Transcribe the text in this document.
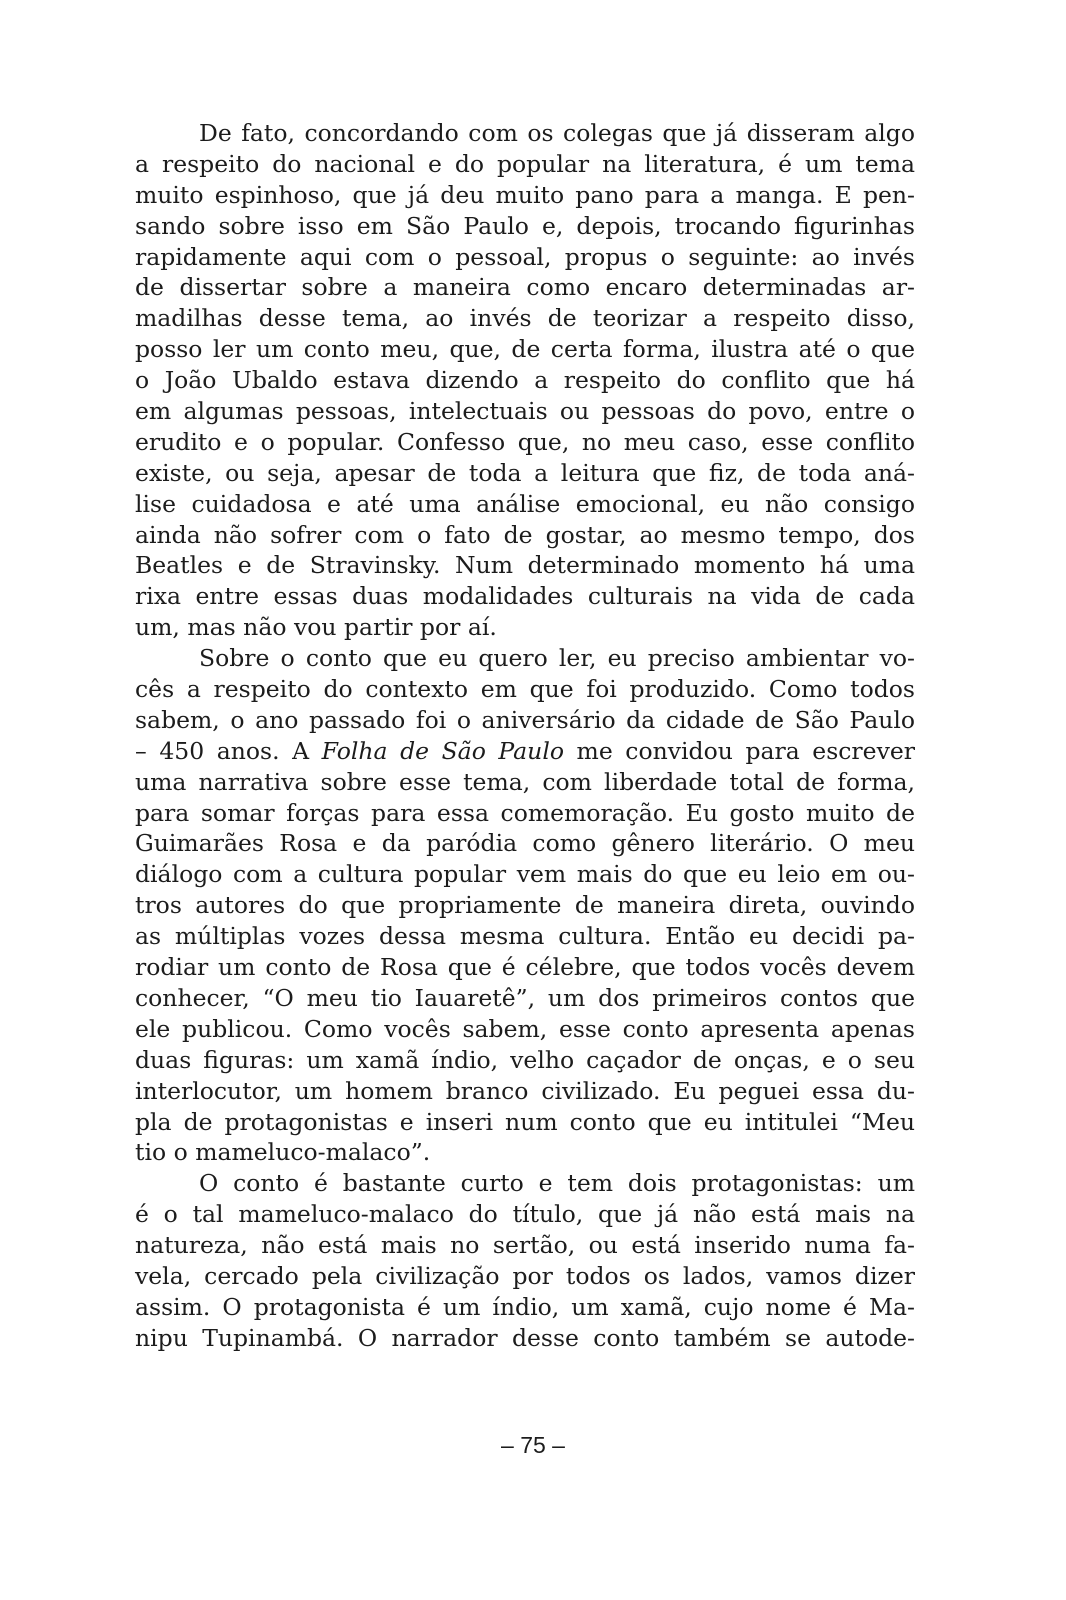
De fato, concordando com os colegas que já disseram algo
a respeito do nacional e do popular na literatura, é um tema
muito espinhoso, que já deu muito pano para a manga. E pen-
sando sobre isso em São Paulo e, depois, trocando figurinhas
rapidamente aqui com o pessoal, propus o seguinte: ao invés
de dissertar sobre a maneira como encaro determinadas ar-
madilhas desse tema, ao invés de teorizar a respeito disso,
posso ler um conto meu, que, de certa forma, ilustra até o que
o João Ubaldo estava dizendo a respeito do conflito que há
em algumas pessoas, intelectuais ou pessoas do povo, entre o
erudito e o popular. Confesso que, no meu caso, esse conflito
existe, ou seja, apesar de toda a leitura que fiz, de toda aná-
lise cuidadosa e até uma análise emocional, eu não consigo
ainda não sofrer com o fato de gostar, ao mesmo tempo, dos
Beatles e de Stravinsky. Num determinado momento há uma
rixa entre essas duas modalidades culturais na vida de cada
um, mas não vou partir por aí.
Sobre o conto que eu quero ler, eu preciso ambientar vo-
cês a respeito do contexto em que foi produzido. Como todos
sabem, o ano passado foi o aniversário da cidade de São Paulo
– 450 anos. A Folha de São Paulo me convidou para escrever
uma narrativa sobre esse tema, com liberdade total de forma,
para somar forças para essa comemoração. Eu gosto muito de
Guimarães Rosa e da paródia como gênero literário. O meu
diálogo com a cultura popular vem mais do que eu leio em ou-
tros autores do que propriamente de maneira direta, ouvindo
as múltiplas vozes dessa mesma cultura. Então eu decidi pa-
rodiar um conto de Rosa que é célebre, que todos vocês devem
conhecer, “O meu tio Iauaretê”, um dos primeiros contos que
ele publicou. Como vocês sabem, esse conto apresenta apenas
duas figuras: um xamã índio, velho caçador de onças, e o seu
interlocutor, um homem branco civilizado. Eu peguei essa du-
pla de protagonistas e inseri num conto que eu intitulei “Meu
tio o mameluco-malaco”.
O conto é bastante curto e tem dois protagonistas: um
é o tal mameluco-malaco do título, que já não está mais na
natureza, não está mais no sertão, ou está inserido numa fa-
vela, cercado pela civilização por todos os lados, vamos dizer
assim. O protagonista é um índio, um xamã, cujo nome é Ma-
nipu Tupinambá. O narrador desse conto também se autode-
– 75 –
